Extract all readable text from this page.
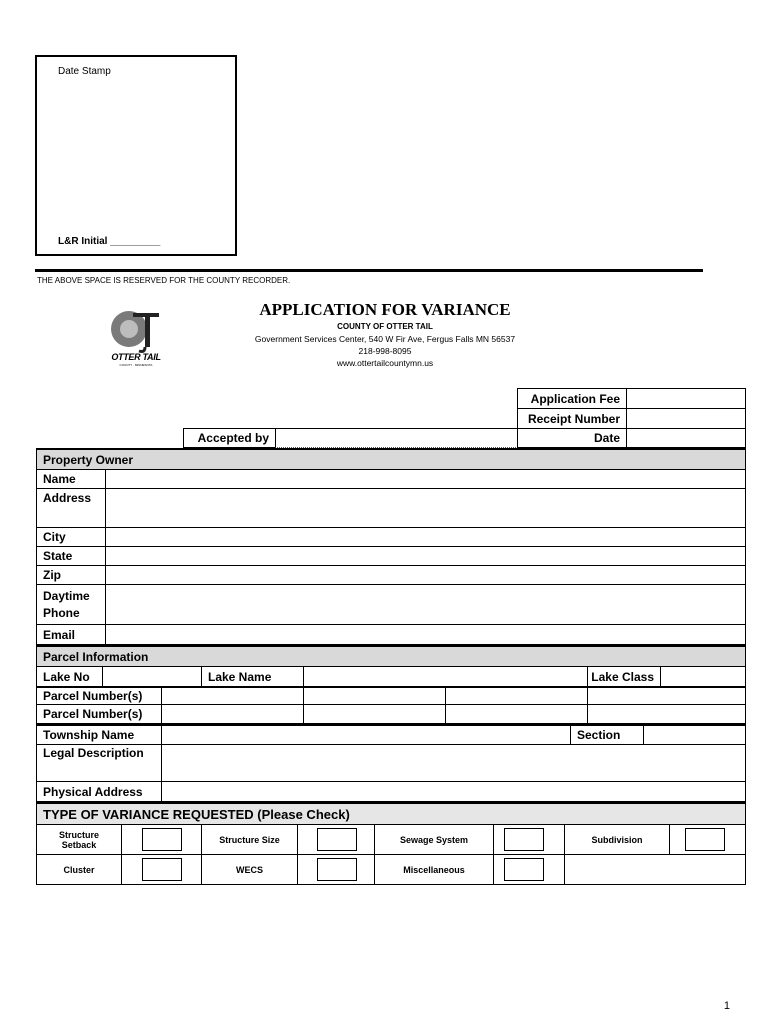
Date Stamp
L&R Initial _________
THE ABOVE SPACE IS RESERVED FOR THE COUNTY RECORDER.
OTTER TAIL
COUNTY · MINNESOTA
APPLICATION FOR VARIANCE
COUNTY OF OTTER TAIL
Government Services Center, 540 W Fir Ave, Fergus Falls MN 56537
218-998-8095
www.ottertailcountymn.us
Application Fee
Receipt Number
Accepted by	Date
Property Owner
Name
Address
City
State
Zip
Daytime
Phone
Email
Parcel Information
Lake No	Lake Name	Lake Class
Parcel Number(s)
Parcel Number(s)
Township Name	Section
Legal Description
Physical Address
TYPE OF VARIANCE REQUESTED (Please Check)
Structure Setback	Structure Size	Sewage System	Subdivision
Cluster	WECS	Miscellaneous
1
